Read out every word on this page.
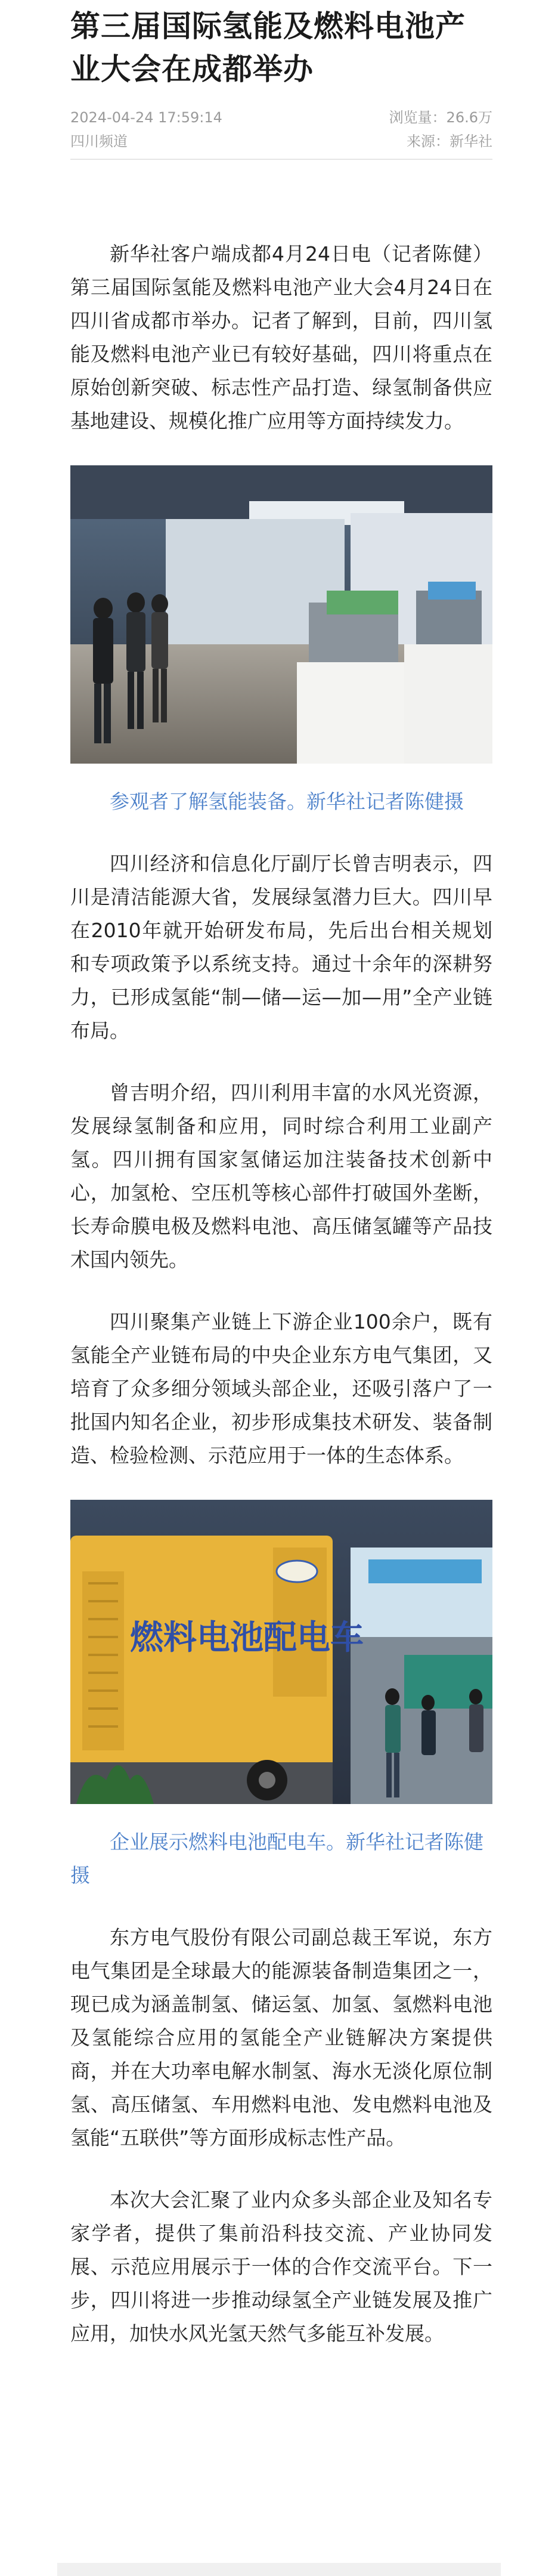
第三届国际氢能及燃料电池产业大会在成都举办
2024-04-24 17:59:14	浏览量：26.6万
四川频道	来源：新华社

新华社客户端成都4月24日电（记者陈健）第三届国际氢能及燃料电池产业大会4月24日在四川省成都市举办。记者了解到，目前，四川氢能及燃料电池产业已有较好基础，四川将重点在原始创新突破、标志性产品打造、绿氢制备供应基地建设、规模化推广应用等方面持续发力。

参观者了解氢能装备。新华社记者陈健摄

四川经济和信息化厅副厅长曾吉明表示，四川是清洁能源大省，发展绿氢潜力巨大。四川早在2010年就开始研发布局，先后出台相关规划和专项政策予以系统支持。通过十余年的深耕努力，已形成氢能“制—储—运—加—用”全产业链布局。

曾吉明介绍，四川利用丰富的水风光资源，发展绿氢制备和应用，同时综合利用工业副产氢。四川拥有国家氢储运加注装备技术创新中心，加氢枪、空压机等核心部件打破国外垄断，长寿命膜电极及燃料电池、高压储氢罐等产品技术国内领先。

四川聚集产业链上下游企业100余户，既有氢能全产业链布局的中央企业东方电气集团，又培育了众多细分领域头部企业，还吸引落户了一批国内知名企业，初步形成集技术研发、装备制造、检验检测、示范应用于一体的生态体系。

燃料电池配电车

企业展示燃料电池配电车。新华社记者陈健 摄

东方电气股份有限公司副总裁王军说，东方电气集团是全球最大的能源装备制造集团之一，现已成为涵盖制氢、储运氢、加氢、氢燃料电池及氢能综合应用的氢能全产业链解决方案提供商，并在大功率电解水制氢、海水无淡化原位制氢、高压储氢、车用燃料电池、发电燃料电池及氢能“五联供”等方面形成标志性产品。

本次大会汇聚了业内众多头部企业及知名专家学者，提供了集前沿科技交流、产业协同发展、示范应用展示于一体的合作交流平台。下一步，四川将进一步推动绿氢全产业链发展及推广应用，加快水风光氢天然气多能互补发展。
